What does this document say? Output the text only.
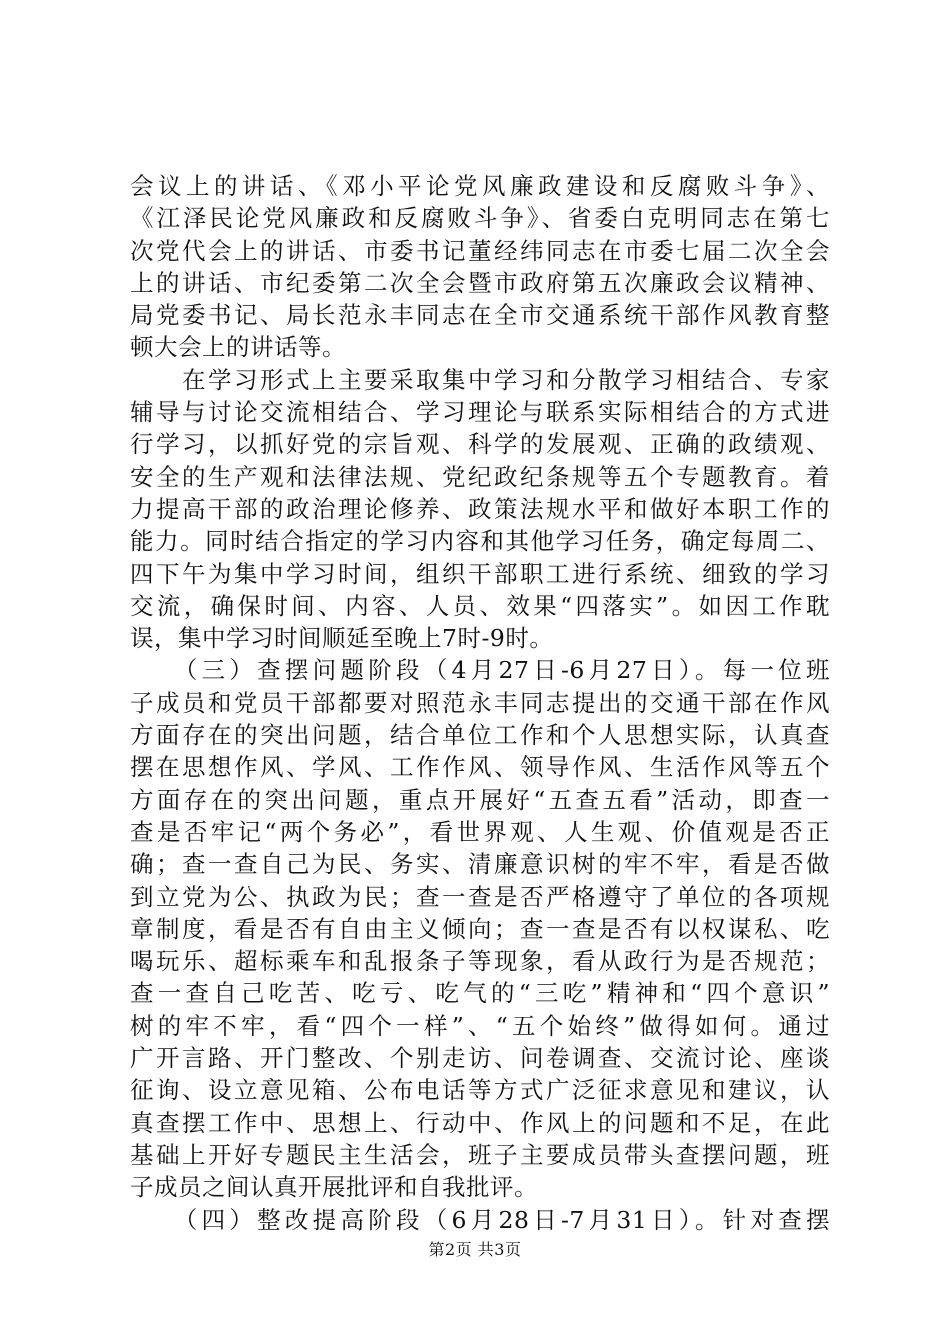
会议上的讲话、《邓小平论党风廉政建设和反腐败斗争》、
《江泽民论党风廉政和反腐败斗争》、省委白克明同志在第七
次党代会上的讲话、市委书记董经纬同志在市委七届二次全会
上的讲话、市纪委第二次全会暨市政府第五次廉政会议精神、
局党委书记、局长范永丰同志在全市交通系统干部作风教育整
顿大会上的讲话等。
　　在学习形式上主要采取集中学习和分散学习相结合、专家
辅导与讨论交流相结合、学习理论与联系实际相结合的方式进
行学习，以抓好党的宗旨观、科学的发展观、正确的政绩观、
安全的生产观和法律法规、党纪政纪条规等五个专题教育。着
力提高干部的政治理论修养、政策法规水平和做好本职工作的
能力。同时结合指定的学习内容和其他学习任务，确定每周二、
四下午为集中学习时间，组织干部职工进行系统、细致的学习
交流，确保时间、内容、人员、效果“四落实”。如因工作耽
误，集中学习时间顺延至晚上7时-9时。
　　（三）查摆问题阶段（4月27日-6月27日）。每一位班
子成员和党员干部都要对照范永丰同志提出的交通干部在作风
方面存在的突出问题，结合单位工作和个人思想实际，认真查
摆在思想作风、学风、工作作风、领导作风、生活作风等五个
方面存在的突出问题，重点开展好“五查五看”活动，即查一
查是否牢记“两个务必”，看世界观、人生观、价值观是否正
确；查一查自己为民、务实、清廉意识树的牢不牢，看是否做
到立党为公、执政为民；查一查是否严格遵守了单位的各项规
章制度，看是否有自由主义倾向；查一查是否有以权谋私、吃
喝玩乐、超标乘车和乱报条子等现象，看从政行为是否规范；
查一查自己吃苦、吃亏、吃气的“三吃”精神和“四个意识”
树的牢不牢，看“四个一样”、“五个始终”做得如何。通过
广开言路、开门整改、个别走访、问卷调查、交流讨论、座谈
征询、设立意见箱、公布电话等方式广泛征求意见和建议，认
真查摆工作中、思想上、行动中、作风上的问题和不足，在此
基础上开好专题民主生活会，班子主要成员带头查摆问题，班
子成员之间认真开展批评和自我批评。
　　（四）整改提高阶段（6月28日-7月31日）。针对查摆
第2页 共3页
